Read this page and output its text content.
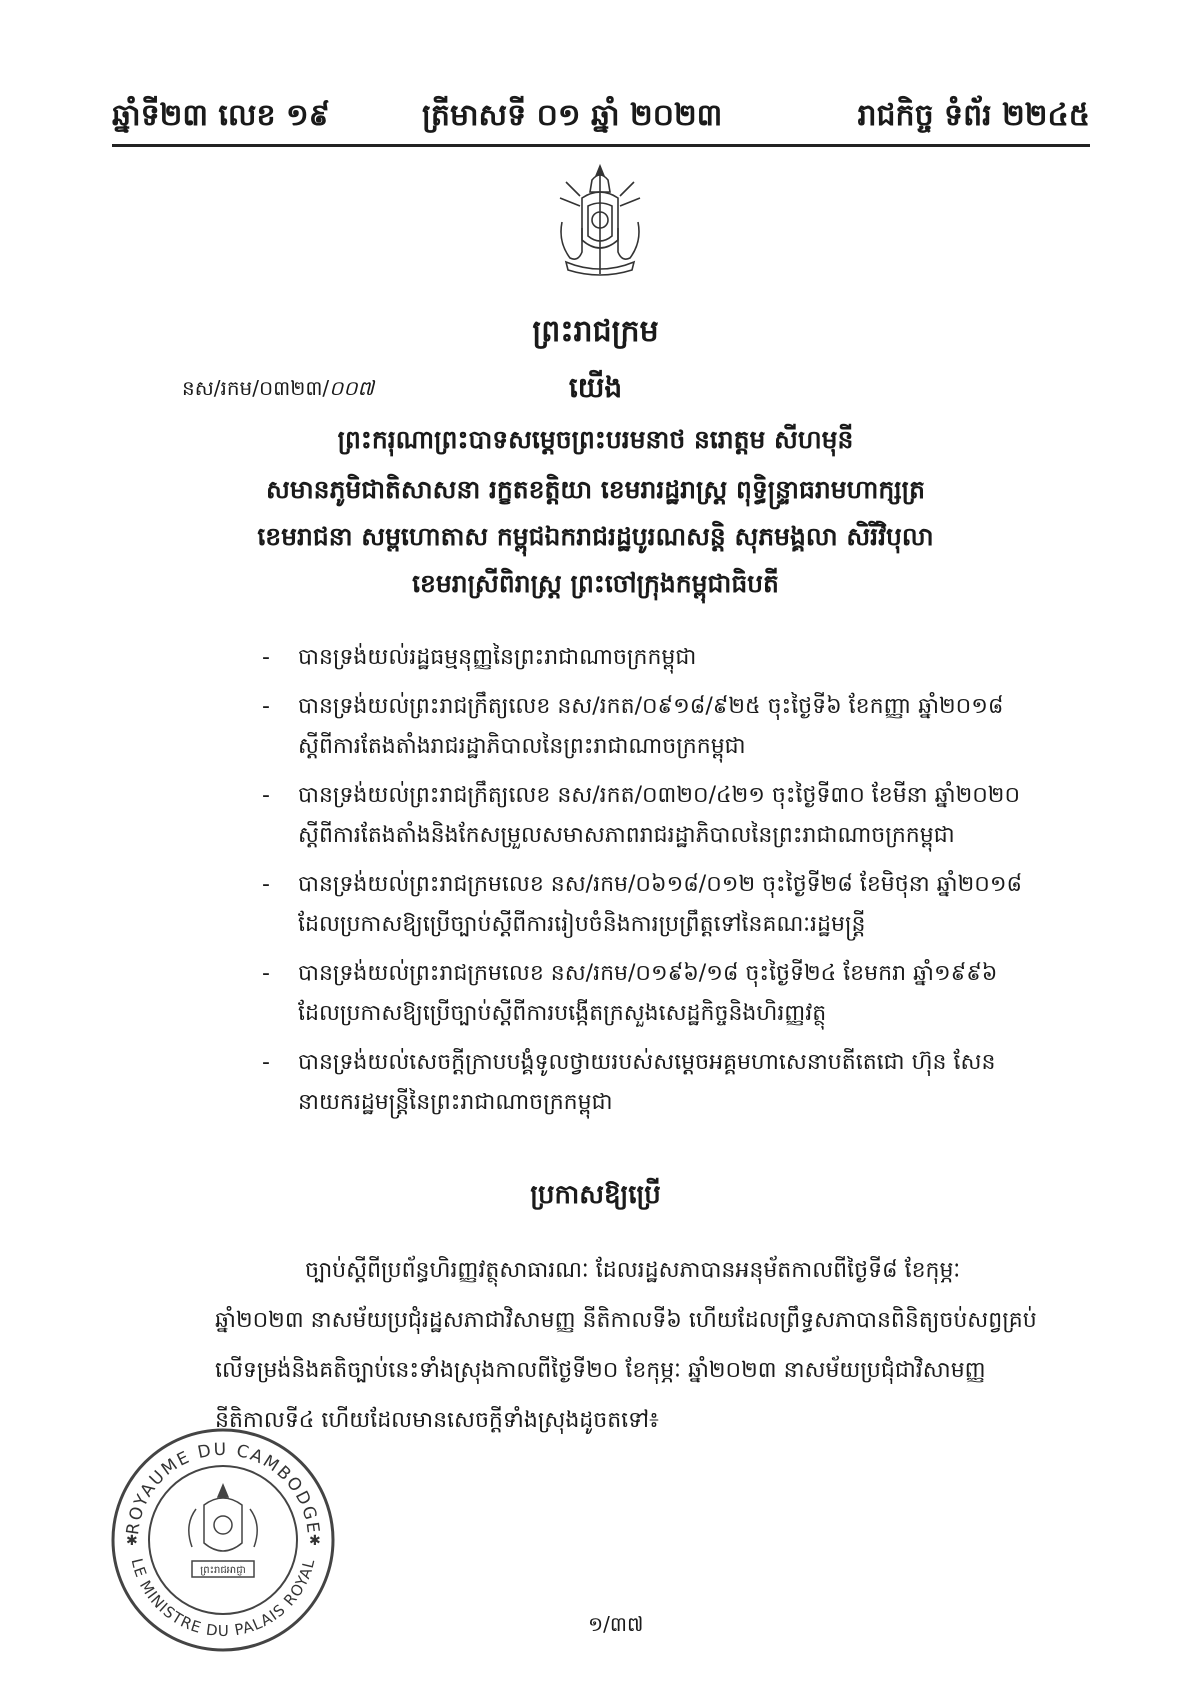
ឆ្នាំទី២៣ លេខ ១៩	ត្រីមាសទី ០១ ឆ្នាំ ២០២៣	រាជកិច្ច ទំព័រ ២២៤៥
ព្រះរាជក្រម
នស/រកម/០៣២៣/០០៧	យើង
ព្រះករុណាព្រះបាទសម្តេចព្រះបរមនាថ នរោត្តម សីហមុនី
សមានភូមិជាតិសាសនា រក្ខតខត្តិយា ខេមរារដ្ឋរាស្ត្រ ពុទ្ធិន្ទ្រាធរាមហាក្សត្រ
ខេមរាជនា សម្ពហោតាស កម្ពុជឯករាជរដ្ឋបូរណសន្តិ សុភមង្គលា សិរីវិបុលា
ខេមរាស្រីពិរាស្ត្រ ព្រះចៅក្រុងកម្ពុជាធិបតី
- បានទ្រង់យល់រដ្ឋធម្មនុញ្ញនៃព្រះរាជាណាចក្រកម្ពុជា
- បានទ្រង់យល់ព្រះរាជក្រឹត្យលេខ នស/រកត/០៩១៨/៩២៥ ចុះថ្ងៃទី៦ ខែកញ្ញា ឆ្នាំ២០១៨
ស្តីពីការតែងតាំងរាជរដ្ឋាភិបាលនៃព្រះរាជាណាចក្រកម្ពុជា
- បានទ្រង់យល់ព្រះរាជក្រឹត្យលេខ នស/រកត/០៣២០/៤២១ ចុះថ្ងៃទី៣០ ខែមីនា ឆ្នាំ២០២០
ស្តីពីការតែងតាំងនិងកែសម្រួលសមាសភាពរាជរដ្ឋាភិបាលនៃព្រះរាជាណាចក្រកម្ពុជា
- បានទ្រង់យល់ព្រះរាជក្រមលេខ នស/រកម/០៦១៨/០១២ ចុះថ្ងៃទី២៨ ខែមិថុនា ឆ្នាំ២០១៨
ដែលប្រកាសឱ្យប្រើច្បាប់ស្តីពីការរៀបចំនិងការប្រព្រឹត្តទៅនៃគណៈរដ្ឋមន្ត្រី
- បានទ្រង់យល់ព្រះរាជក្រមលេខ នស/រកម/០១៩៦/១៨ ចុះថ្ងៃទី២៤ ខែមករា ឆ្នាំ១៩៩៦
ដែលប្រកាសឱ្យប្រើច្បាប់ស្តីពីការបង្កើតក្រសួងសេដ្ឋកិច្ចនិងហិរញ្ញវត្ថុ
- បានទ្រង់យល់សេចក្តីក្រាបបង្គំទូលថ្វាយរបស់សម្តេចអគ្គមហាសេនាបតីតេជោ ហ៊ុន សែន
នាយករដ្ឋមន្ត្រីនៃព្រះរាជាណាចក្រកម្ពុជា
ប្រកាសឱ្យប្រើ
ច្បាប់ស្តីពីប្រព័ន្ធហិរញ្ញវត្ថុសាធារណៈ ដែលរដ្ឋសភាបានអនុម័តកាលពីថ្ងៃទី៨ ខែកុម្ភៈ
ឆ្នាំ២០២៣ នាសម័យប្រជុំរដ្ឋសភាជាវិសាមញ្ញ នីតិកាលទី៦ ហើយដែលព្រឹទ្ធសភាបានពិនិត្យចប់សព្វគ្រប់
លើទម្រង់និងគតិច្បាប់នេះទាំងស្រុងកាលពីថ្ងៃទី២០ ខែកុម្ភៈ ឆ្នាំ២០២៣ នាសម័យប្រជុំជាវិសាមញ្ញ
នីតិកាលទី៤ ហើយដែលមានសេចក្តីទាំងស្រុងដូចតទៅ៖
ROYAUME DU CAMBODGE
LE MINISTRE DU PALAIS ROYAL
✱	✱
ព្រះរាជអាជ្ញា
១/៣៧
